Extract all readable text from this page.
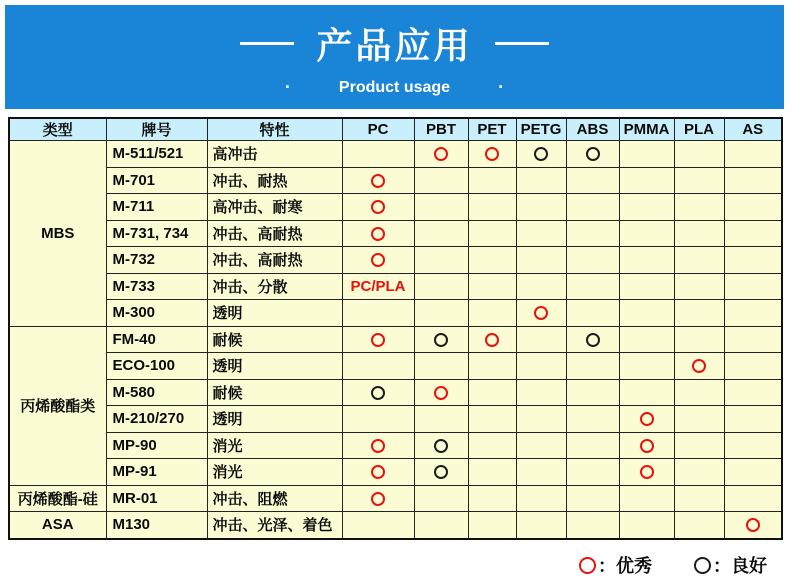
产品应用
·	Product usage	·
类型	牌号	特性	PC	PBT	PET	PETG	ABS	PMMA	PLA	AS
MBS	M-511/521	高冲击								
	M-701	冲击、耐热								
	M-711	高冲击、耐寒								
	M-731, 734	冲击、高耐热								
	M-732	冲击、高耐热								
	M-733	冲击、分散	PC/PLA							
	M-300	透明								
丙烯酸酯类	FM-40	耐候								
	ECO-100	透明								
	M-580	耐候								
	M-210/270	透明								
	MP-90	消光								
	MP-91	消光								
丙烯酸酯-硅	MR-01	冲击、阻燃								
ASA	M130	冲击、光泽、着色								
：优秀	：良好
